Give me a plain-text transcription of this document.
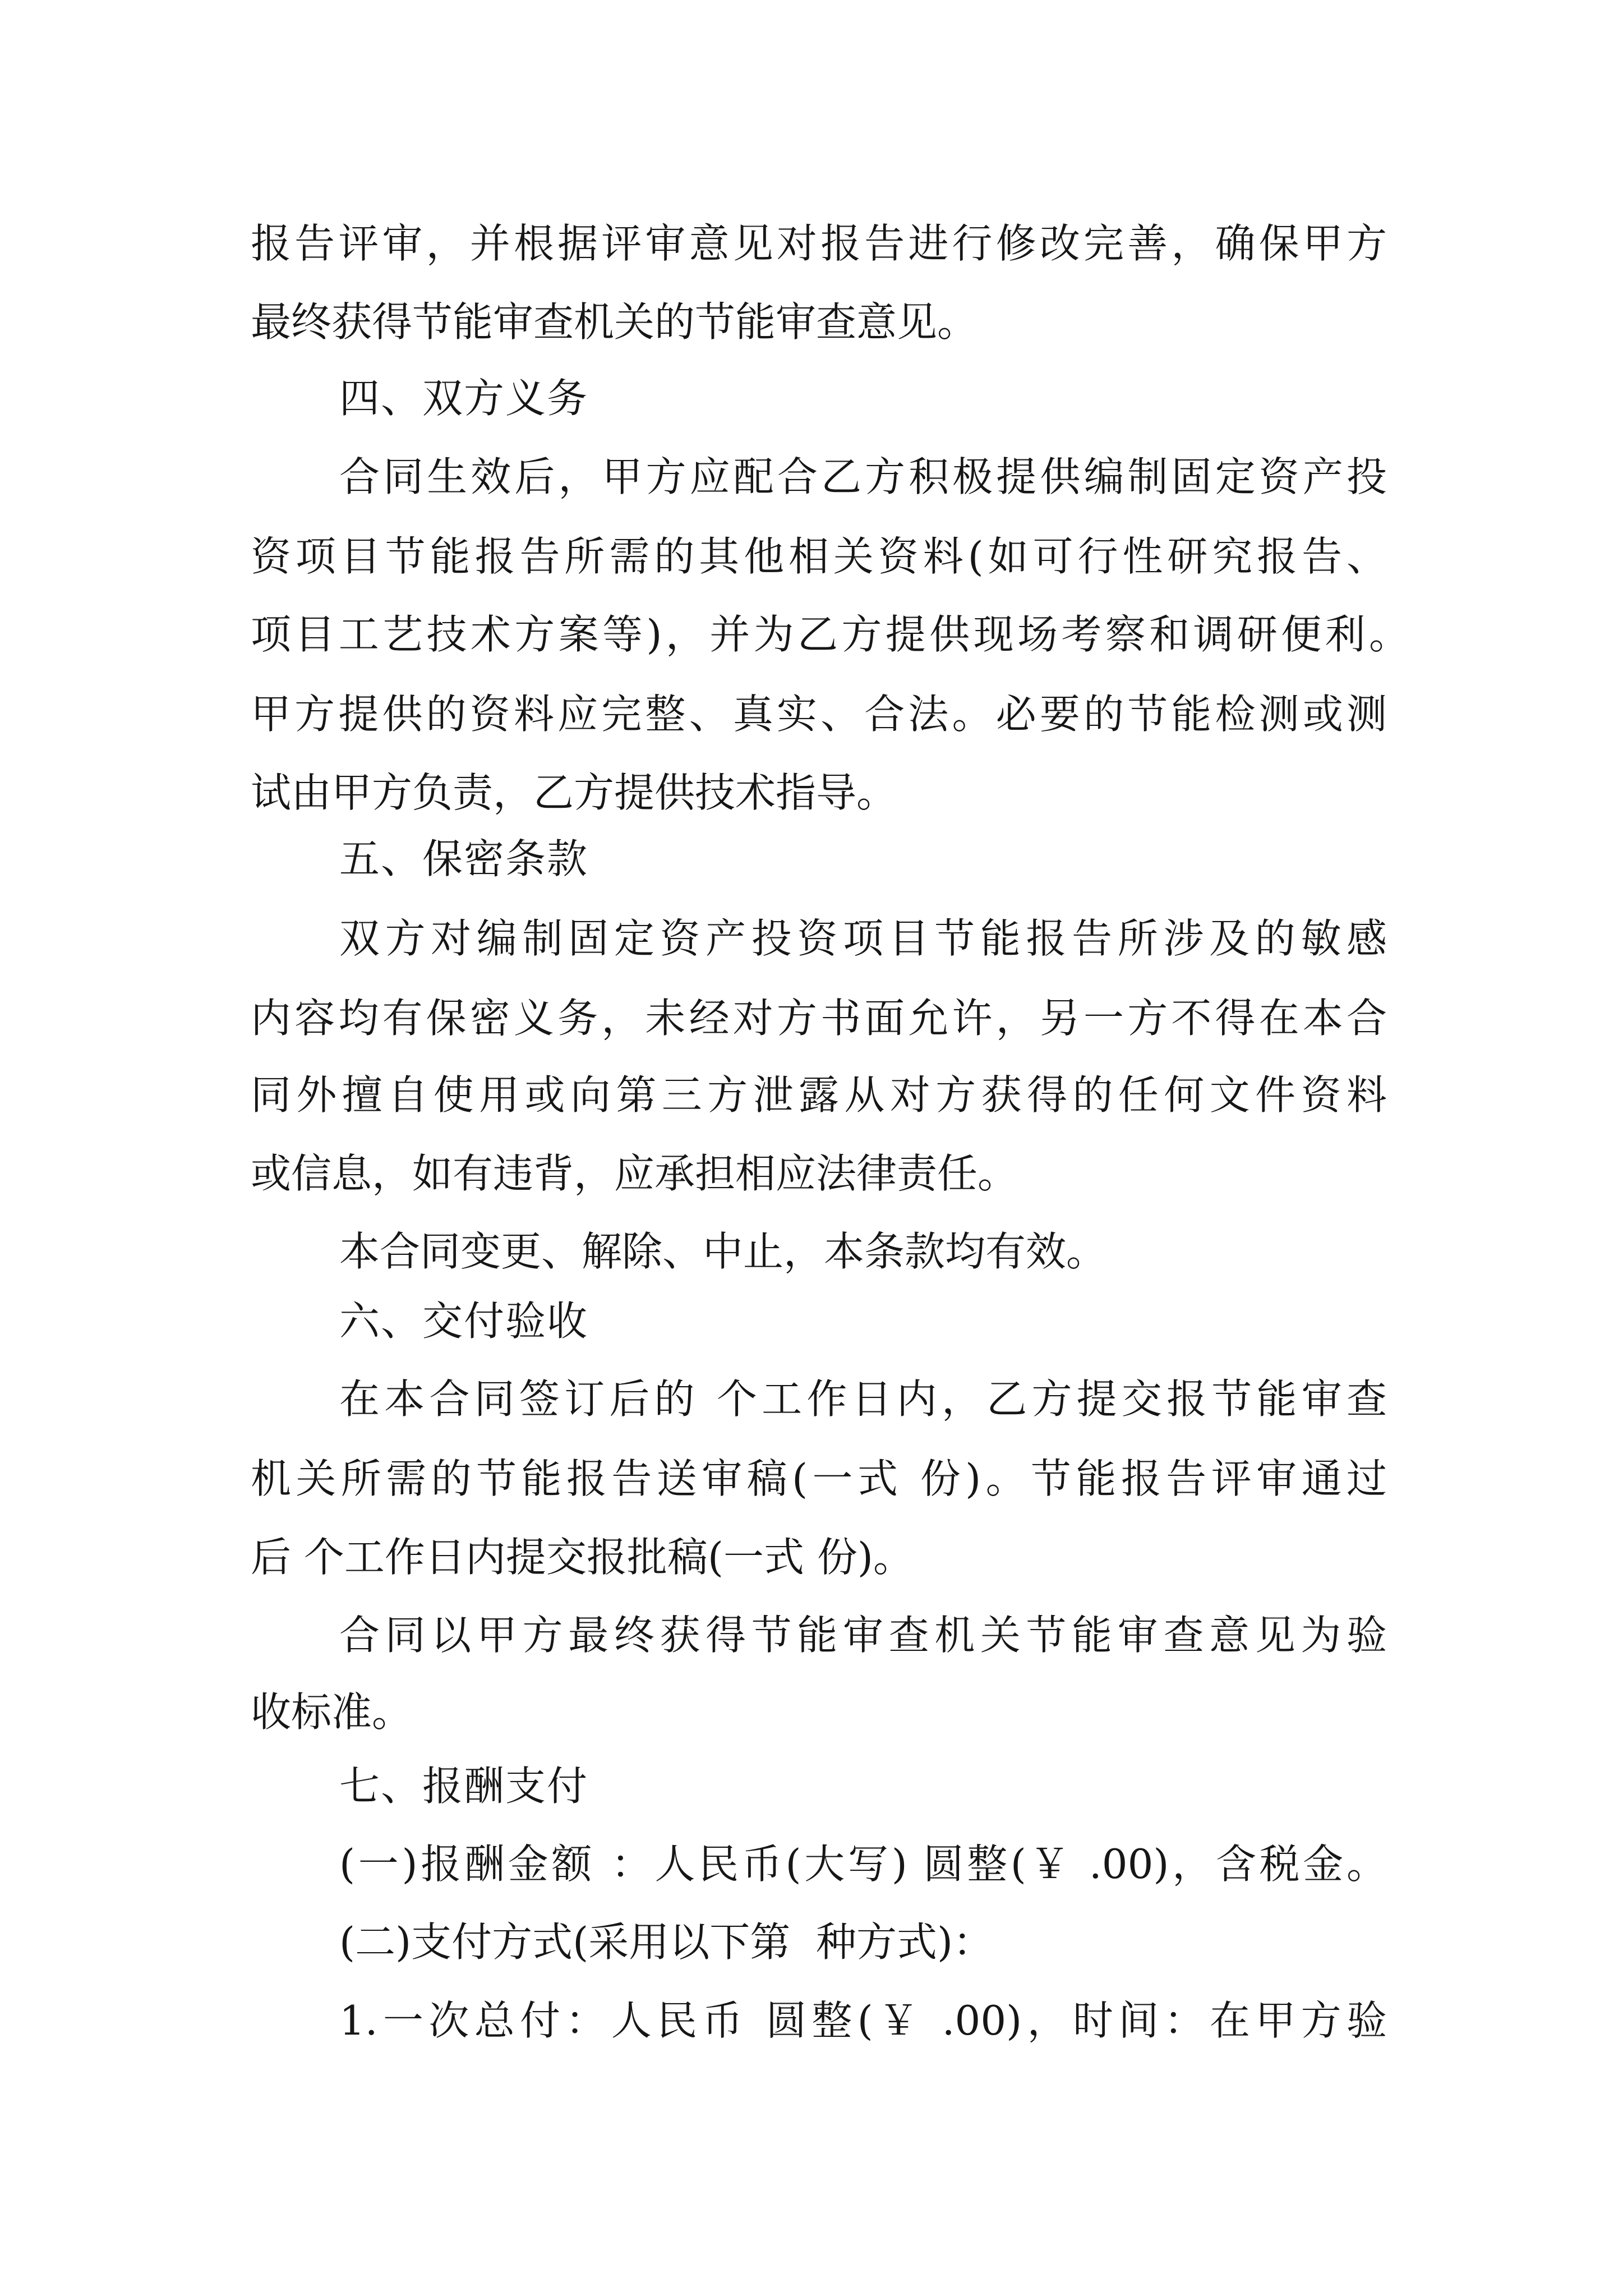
报告评审，并根据评审意见对报告进行修改完善，确保甲方

最终获得节能审查机关的节能审查意见。

四、双方义务

合同生效后，甲方应配合乙方积极提供编制固定资产投

资项目节能报告所需的其他相关资料(如可行性研究报告、

项目工艺技术方案等)，并为乙方提供现场考察和调研便利。

甲方提供的资料应完整、真实、合法。必要的节能检测或测

试由甲方负责，乙方提供技术指导。

五、保密条款

双方对编制固定资产投资项目节能报告所涉及的敏感

内容均有保密义务，未经对方书面允许，另一方不得在本合

同外擅自使用或向第三方泄露从对方获得的任何文件资料

或信息，如有违背，应承担相应法律责任。

本合同变更、解除、中止，本条款均有效。

六、交付验收

在本合同签订后的 个工作日内，乙方提交报节能审查

机关所需的节能报告送审稿(一式 份)。节能报告评审通过

后 个工作日内提交报批稿(一式 份)。

合同以甲方最终获得节能审查机关节能审查意见为验

收标准。

七、报酬支付

(一)报酬金额 ：人民币(大写) 圆整(￥ .00)，含税金。

(二)支付方式(采用以下第  种方式)：

1.一次总付：人民币 圆整(￥ .00)，时间：在甲方验
